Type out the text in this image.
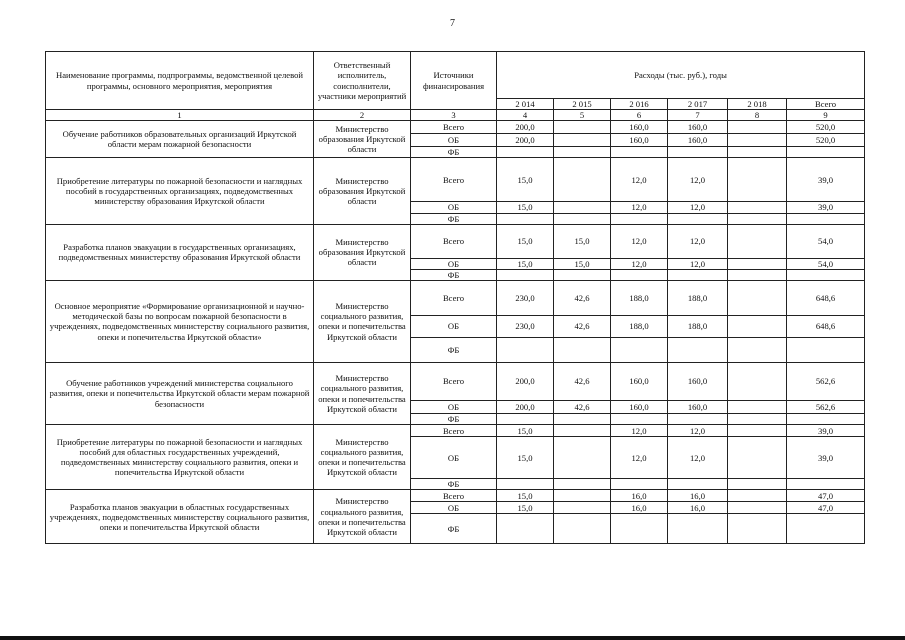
7
Наименование программы, подпрограммы, ведомственной целевой программы, основного мероприятия, мероприятия	Ответственный исполнитель, соисполнители, участники мероприятий	Источники финансирования	Расходы (тыс. руб.), годы					
			2 014	2 015	2 016	2 017	2 018	Всего
1	2	3	4	5	6	7	8	9
Обучение работников образовательных организаций Иркутской области мерам пожарной безопасности	Министерство образования Иркутской области	Всего	200,0		160,0	160,0		520,0
		ОБ	200,0		160,0	160,0		520,0
		ФБ						
Приобретение литературы по пожарной безопасности и наглядных пособий в государственных организациях, подведомственных министерству образования Иркутской области	Министерство образования Иркутской области	Всего	15,0		12,0	12,0		39,0
		ОБ	15,0		12,0	12,0		39,0
		ФБ						
Разработка планов эвакуации в государственных организациях, подведомственных министерству образования Иркутской области	Министерство образования Иркутской области	Всего	15,0	15,0	12,0	12,0		54,0
		ОБ	15,0	15,0	12,0	12,0		54,0
		ФБ						
Основное мероприятие «Формирование организационной и научно-методической базы по вопросам пожарной безопасности в учреждениях, подведомственных министерству социального развития, опеки и попечительства Иркутской области»	Министерство социального развития, опеки и попечительства Иркутской области	Всего	230,0	42,6	188,0	188,0		648,6
		ОБ	230,0	42,6	188,0	188,0		648,6
		ФБ						
Обучение работников учреждений министерства социального развития, опеки и попечительства Иркутской области мерам пожарной безопасности	Министерство социального развития, опеки и попечительства Иркутской области	Всего	200,0	42,6	160,0	160,0		562,6
		ОБ	200,0	42,6	160,0	160,0		562,6
		ФБ						
Приобретение литературы по пожарной безопасности и наглядных пособий для областных государственных учреждений, подведомственных министерству социального развития, опеки и попечительства Иркутской области	Министерство социального развития, опеки и попечительства Иркутской области	Всего	15,0		12,0	12,0		39,0
		ОБ	15,0		12,0	12,0		39,0
		ФБ						
Разработка планов эвакуации в областных государственных учреждениях, подведомственных министерству социального развития, опеки и попечительства Иркутской области	Министерство социального развития, опеки и попечительства Иркутской области	Всего	15,0		16,0	16,0		47,0
		ОБ	15,0		16,0	16,0		47,0
		ФБ						
